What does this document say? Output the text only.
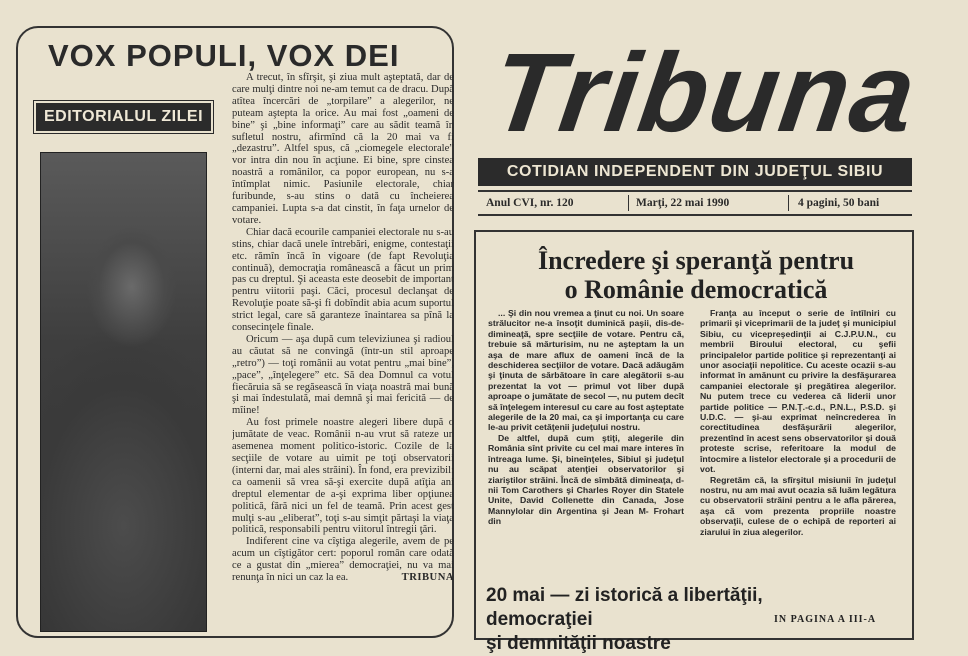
VOX POPULI, VOX DEI
EDITORIALUL ZILEI

A trecut, în sfîrşit, şi ziua mult aşteptată, dar de care mulţi dintre noi ne-am temut ca de dracu. După atîtea încercări de „torpilare” a alegerilor, ne puteam aştepta la orice. Au mai fost „oameni de bine” şi „bine informaţi” care au sădit teamă în sufletul nostru, afirmînd că la 20 mai va fi „dezastru”. Altfel spus, că „ciomegele electorale” vor intra din nou în acţiune. Ei bine, spre cinstea noastră a românilor, ca popor european, nu s-a întîmplat nimic. Pasiunile electorale, chiar furibunde, s-au stins o dată cu încheierea campaniei. Lupta s-a dat cinstit, în faţa urnelor de votare.

Chiar dacă ecourile campaniei electorale nu s-au stins, chiar dacă unele întrebări, enigme, contestaţii etc. rămîn încă în vigoare (de fapt Revoluţia continuă), democraţia românească a făcut un prim pas cu dreptul. Şi aceasta este deosebit de important pentru viitorii paşi. Căci, procesul declanşat de Revoluţie poate să-şi fi dobîndit abia acum suportul strict legal, care să garanteze înaintarea sa pînă la consecinţele finale.

Oricum — aşa după cum televiziunea şi radioul au căutat să ne convingă (într-un stil aproape „retro”) — toţi românii au votat pentru „mai bine”, „pace”, „înţelegere” etc. Să dea Domnul ca votul fiecăruia să se regăsească în viaţa noastră mai bună şi mai îndestulată, mai demnă şi mai fericită — de mîine!

Au fost primele noastre alegeri libere după o jumătate de veac. Românii n-au vrut să rateze un asemenea moment politico-istoric. Cozile de la secţiile de votare au uimit pe toţi observatorii (interni dar, mai ales străini). În fond, era previzibil: ca oamenii să vrea să-şi exercite după atîţia ani dreptul elementar de a-şi exprima liber opţiunea politică, fără nici un fel de teamă. Prin acest gest mulţi s-au „eliberat”, toţi s-au simţit părtaşi la viaţa politică, responsabili pentru viitorul întregii ţări.

Indiferent cine va cîştiga alegerile, avem de pe acum un cîştigător cert: poporul român care odată ce a gustat din „mierea” democraţiei, nu va mai renunţa în nici un caz la ea.	TRIBUNA

Tribuna
COTIDIAN INDEPENDENT DIN JUDEŢUL SIBIU
Anul CVI, nr. 120	Marţi, 22 mai 1990	4 pagini, 50 bani
Încredere şi speranţă pentru
o Românie democratică

... Şi din nou vremea a ţinut cu noi. Un soare strălucitor ne-a însoţit duminică paşii, dis-de-dimineaţă, spre secţiile de votare. Pentru că, trebuie să mărturisim, nu ne aşteptam la un aşa de mare aflux de oameni încă de la deschiderea secţiilor de votare. Dacă adăugăm şi ţinuta de sărbătoare în care alegătorii s-au prezentat la vot — primul vot liber după aproape o jumătate de secol —, nu putem decît să înţelegem interesul cu care au fost aşteptate alegerile de la 20 mai, ca şi importanţa cu care le-au privit cetăţenii judeţului nostru.

De altfel, după cum ştiţi, alegerile din România sînt privite cu cel mai mare interes în întreaga lume. Şi, bineînţeles, Sibiul şi judeţul nu au scăpat atenţiei observatorilor şi ziariştilor străini. Încă de sîmbătă dimineaţa, d-nii Tom Carothers şi Charles Royer din Statele Unite, David Collenette din Canada, Jose Mannylolar din Argentina şi Jean M- Frohart din

Franţa au început o serie de întîlniri cu primarii şi viceprimarii de la judeţ şi municipiul Sibiu, cu vicepreşedinţii ai C.J.P.U.N., cu membrii Biroului electoral, cu şefii principalelor partide politice şi reprezentanţi ai unor asociaţii nepolitice. Cu aceste ocazii s-au informat în amănunt cu privire la desfăşurarea campaniei electorale şi pregătirea alegerilor. Nu putem trece cu vederea că liderii unor partide politice — P.N.Ţ.-c.d., P.N.L., P.S.D. şi U.D.C. — şi-au exprimat neîncrederea în corectitudinea desfăşurării alegerilor, prezentînd în acest sens observatorilor şi două proteste scrise, referitoare la modul de întocmire a listelor electorale şi a procedurii de vot.

Regretăm că, la sfîrşitul misiunii în judeţul nostru, nu am mai avut ocazia să luăm legătura cu observatorii străini pentru a le afla părerea, aşa că vom prezenta propriile noastre observaţii, culese de o echipă de reporteri ai ziarului în ziua alegerilor.

20 mai — zi istorică a libertăţii, democraţiei
şi demnităţii noastre
IN PAGINA A III-A
